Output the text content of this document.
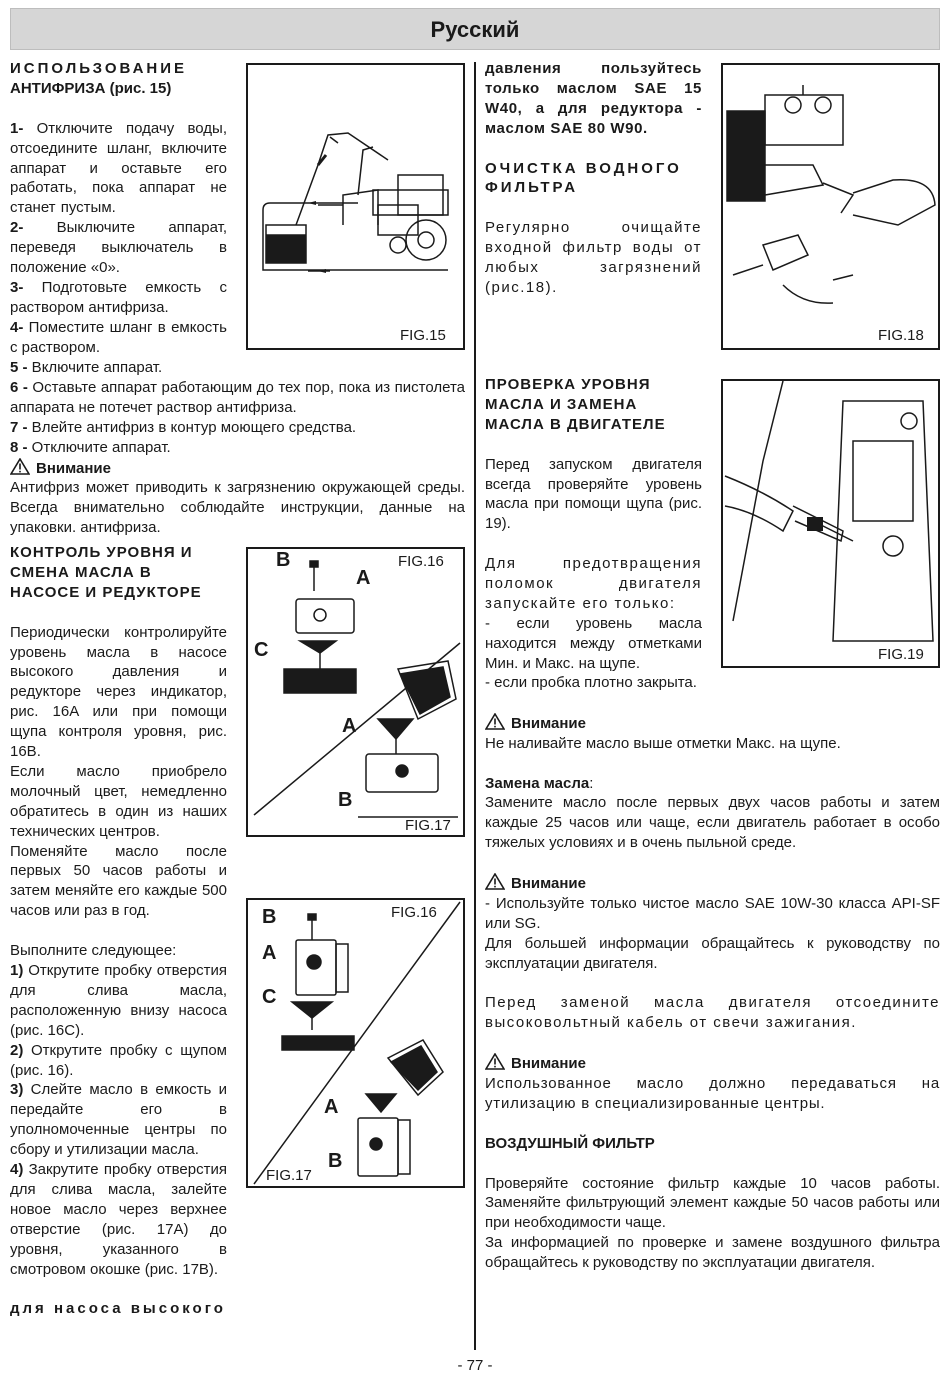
Русский

ИСПОЛЬЗОВАНИЕ

АНТИФРИЗА (рис. 15)

1- Отключите подачу воды, отсоедините шланг, включите аппарат и оставьте его работать, пока аппарат не станет пустым.

2- Выключите аппарат, переведя выключатель в положение «0».

3- Подготовьте емкость с раствором антифриза.

4- Поместите шланг в емкость с раствором.

5 - Включите аппарат.

6 - Оставьте аппарат работающим до тех пор, пока из пистолета аппарата не потечет раствор антифриза.

7 - Влейте антифриз в контур моющего средства.

8 - Отключите аппарат.

Внимание

Антифриз может приводить к загрязнению окружающей среды. Всегда внимательно соблюдайте инструкции, данные на упаковки. антифриза.

КОНТРОЛЬ УРОВНЯ И СМЕНА МАСЛА В НАСОСЕ И РЕДУКТОРЕ

Периодически контролируйте уровень масла в насосе высокого давления и редукторе через индикатор, рис. 16A или при помощи щупа контроля уровня, рис. 16B.

Если масло приобрело молочный цвет, немедленно обратитесь в один из наших технических центров.

Поменяйте масло после первых 50 часов работы и затем меняйте его каждые 500 часов или раз в год.

Выполните следующее:

1) Открутите пробку отверстия для слива масла, расположенную внизу насоса (рис. 16C).

2) Открутите пробку с щупом (рис. 16).

3) Слейте масло в емкость и передайте его в уполномоченные центры по сбору и утилизации масла.

4) Закрутите пробку отверстия для слива масла, залейте новое масло через верхнее отверстие (рис. 17A) до уровня, указанного в смотровом окошке (рис. 17B).

для насоса высокого

FIG.15
B
A
C
FIG.16
A
B
FIG.17
B
A
C
FIG.16
A
B
FIG.17

давления пользуйтесь только маслом SAE 15 W40, а для редуктора - маслом SAE 80 W90.

ОЧИСТКА ВОДНОГО ФИЛЬТРА

Регулярно очищайте входной фильтр воды от любых загрязнений (рис.18).

ПРОВЕРКА УРОВНЯ МАСЛА И ЗАМЕНА МАСЛА В ДВИГАТЕЛЕ

Перед запуском двигателя всегда проверяйте уровень масла при помощи щупа (рис. 19).

Для предотвращения поломок двигателя запускайте его только:

- если уровень масла находится между отметками Мин. и Макс. на щупе.

- если пробка плотно закрыта.

Внимание

Не наливайте масло выше отметки Макс. на щупе.

Замена масла:

Замените масло после первых двух часов работы и затем каждые 25 часов или чаще, если двигатель работает в особо тяжелых условиях и в очень пыльной среде.

Внимание

- Используйте только чистое масло SAE 10W-30 класса API-SF или SG.

Для большей информации обращайтесь к руководству по эксплуатации двигателя.

Перед заменой масла двигателя отсоедините высоковольтный кабель от свечи зажигания.

Внимание

Использованное масло должно передаваться на утилизацию в специализированные центры.

ВОЗДУШНЫЙ ФИЛЬТР

Проверяйте состояние фильтр каждые 10 часов работы. Заменяйте фильтрующий элемент каждые 50 часов работы или при необходимости чаще.

За информацией по проверке и замене воздушного фильтра обращайтесь к руководству по эксплуатации двигателя.

FIG.18
FIG.19
- 77 -
